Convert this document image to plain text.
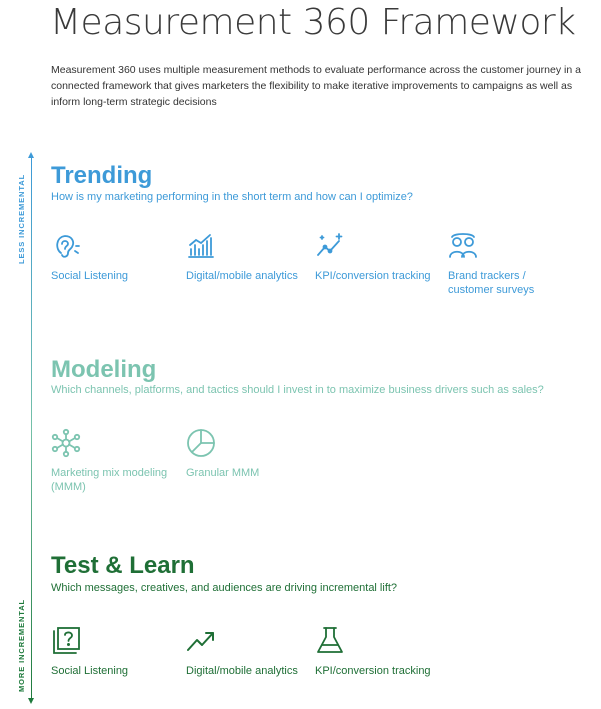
Measurement 360 Framework
Measurement 360 uses multiple measurement methods to evaluate performance across the customer journey in a connected framework that gives marketers the flexibility to make iterative improvements to campaigns as well as inform long-term strategic decisions
LESS INCREMENTAL
MORE INCREMENTAL
Trending
How is my marketing performing in the short term and how can I optimize?
Social Listening	Digital/mobile analytics	KPI/conversion tracking	Brand trackers / customer surveys
Modeling
Which channels, platforms, and tactics should I invest in to maximize business drivers such as sales?
Marketing mix modeling (MMM)
Granular MMM
Test & Learn
Which messages, creatives, and audiences are driving incremental lift?
Social Listening	Digital/mobile analytics	KPI/conversion tracking
